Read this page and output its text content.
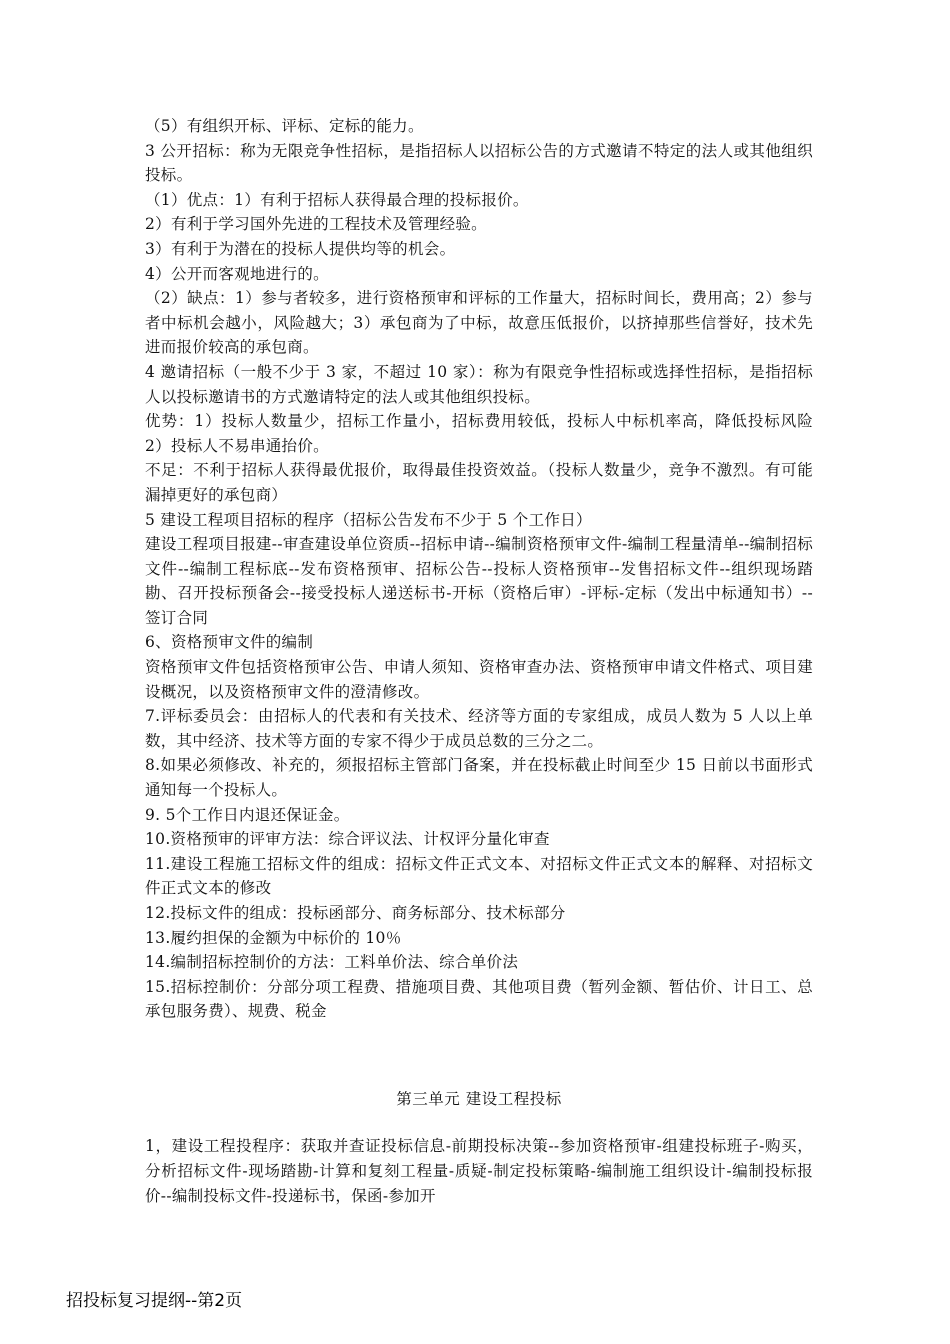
（5）有组织开标、评标、定标的能力。

3 公开招标：称为无限竞争性招标，是指招标人以招标公告的方式邀请不特定的法人或其他组织投标。

（1）优点：1）有利于招标人获得最合理的投标报价。

2）有利于学习国外先进的工程技术及管理经验。

3）有利于为潜在的投标人提供均等的机会。

4）公开而客观地进行的。

（2）缺点：1）参与者较多，进行资格预审和评标的工作量大，招标时间长，费用高；2）参与者中标机会越小，风险越大；3）承包商为了中标，故意压低报价，以挤掉那些信誉好，技术先进而报价较高的承包商。

4 邀请招标（一般不少于 3 家，不超过 10 家）：称为有限竞争性招标或选择性招标，是指招标人以投标邀请书的方式邀请特定的法人或其他组织投标。

优势：1）投标人数量少，招标工作量小，招标费用较低，投标人中标机率高，降低投标风险　　　2）投标人不易串通抬价。

不足：不利于招标人获得最优报价，取得最佳投资效益。（投标人数量少，竞争不激烈。有可能漏掉更好的承包商）

5 建设工程项目招标的程序（招标公告发布不少于 5 个工作日）

建设工程项目报建--审查建设单位资质--招标申请--编制资格预审文件-编制工程量清单--编制招标文件--编制工程标底--发布资格预审、招标公告--投标人资格预审--发售招标文件--组织现场踏勘、召开投标预备会--接受投标人递送标书-开标（资格后审）-评标-定标（发出中标通知书）--签订合同

6、资格预审文件的编制

资格预审文件包括资格预审公告、申请人须知、资格审查办法、资格预审申请文件格式、项目建设概况，以及资格预审文件的澄清修改。

7.评标委员会：由招标人的代表和有关技术、经济等方面的专家组成，成员人数为 5 人以上单数，其中经济、技术等方面的专家不得少于成员总数的三分之二。

8.如果必须修改、补充的，须报招标主管部门备案，并在投标截止时间至少 15 日前以书面形式通知每一个投标人。

9. 5个工作日内退还保证金。

10.资格预审的评审方法：综合评议法、计权评分量化审查

11.建设工程施工招标文件的组成：招标文件正式文本、对招标文件正式文本的解释、对招标文件正式文本的修改

12.投标文件的组成：投标函部分、商务标部分、技术标部分

13.履约担保的金额为中标价的 10％

14.编制招标控制价的方法：工料单价法、综合单价法

15.招标控制价：分部分项工程费、措施项目费、其他项目费（暂列金额、暂估价、计日工、总承包服务费）、规费、税金

第三单元 建设工程投标

1，建设工程投程序：获取并查证投标信息-前期投标决策--参加资格预审-组建投标班子-购买，分析招标文件-现场踏勘-计算和复刻工程量-质疑-制定投标策略-编制施工组织设计-编制投标报价--编制投标文件-投递标书，保函-参加开

招投标复习提纲--第2页
